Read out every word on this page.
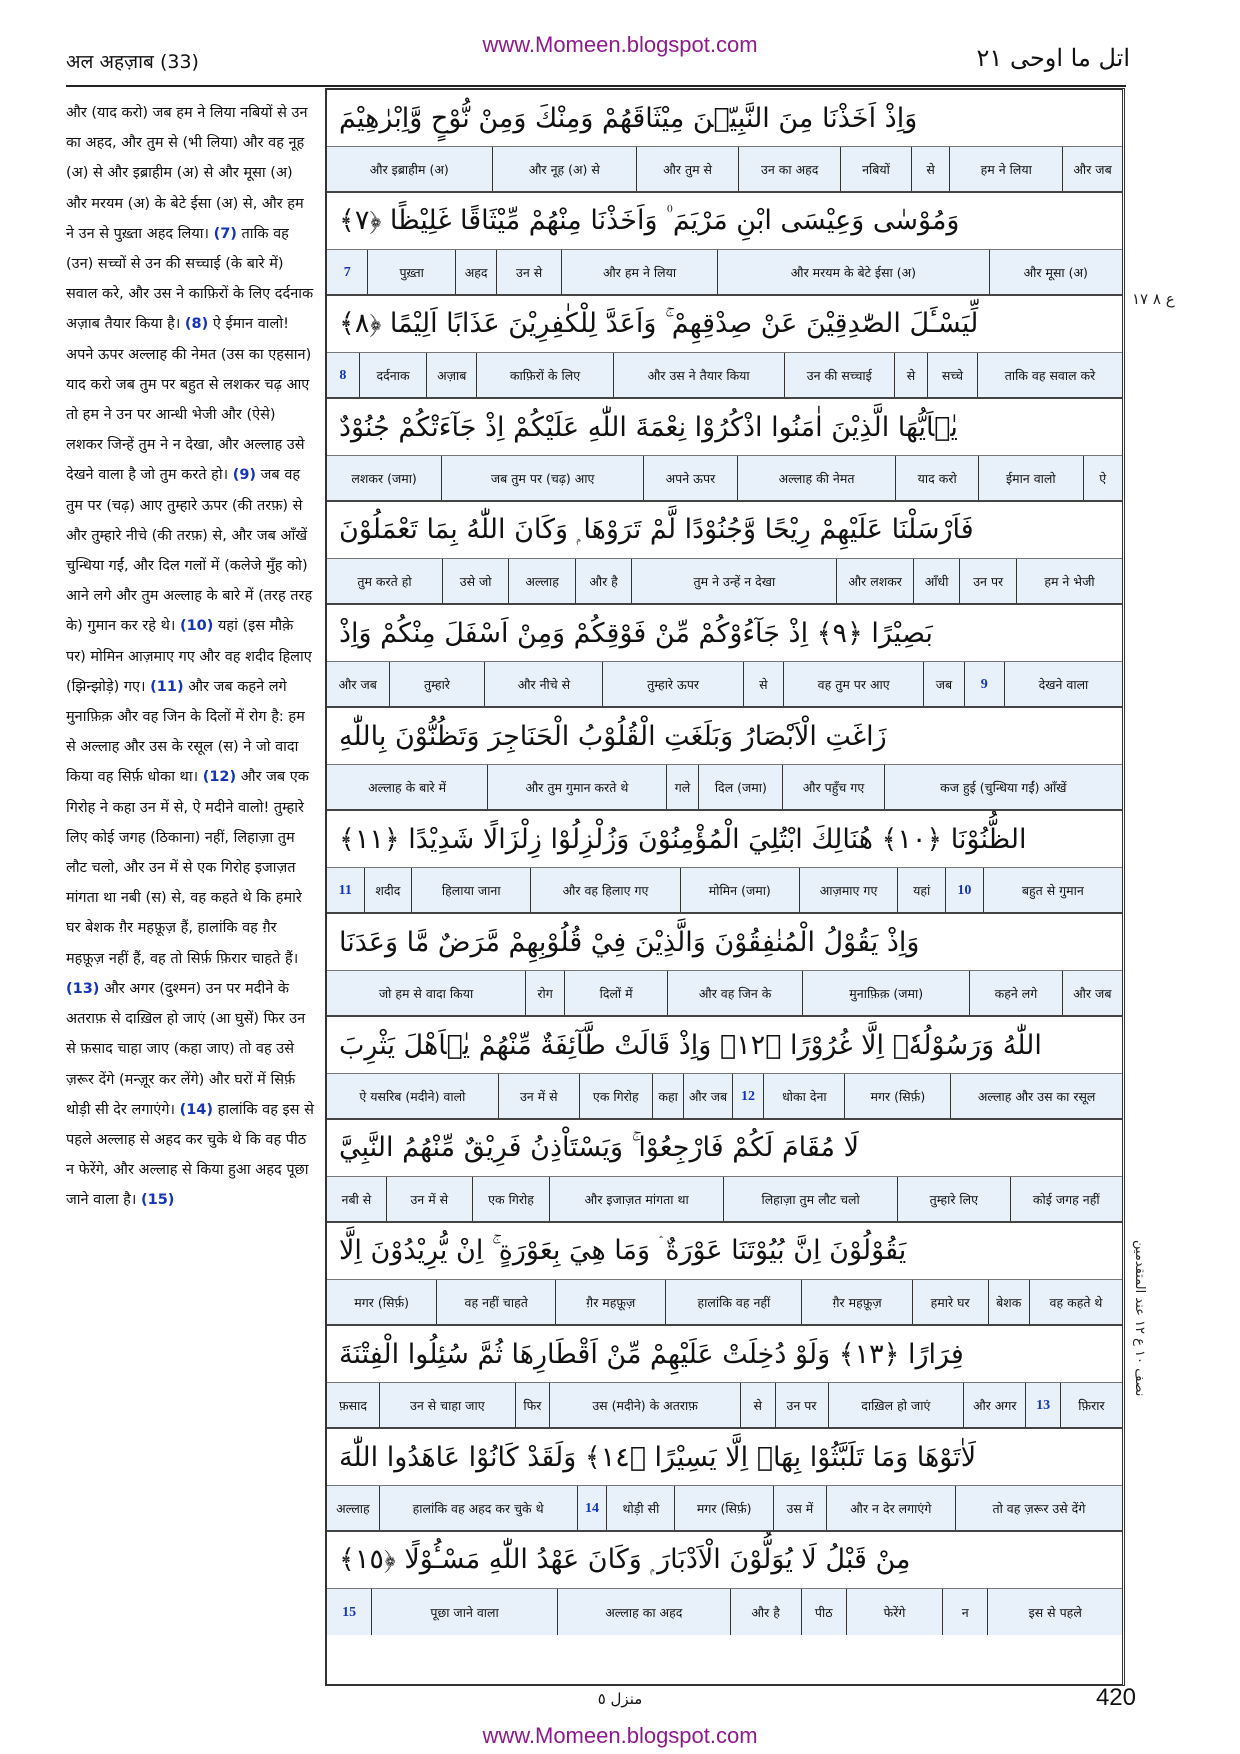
www.Momeen.blogspot.com
अल अहज़ाब (33)	اتل ما اوحی ٢١

और (याद करो) जब हम ने लिया नबियों से उन का अहद, और तुम से (भी लिया) और वह नूह (अ) से और इब्राहीम (अ) से और मूसा (अ) और मरयम (अ) के बेटे ईसा (अ) से, और हम ने उन से पुख़्ता अहद लिया। (7)

ताकि वह (उन) सच्चों से उन की सच्चाई (के बारे में) सवाल करे, और उस ने काफ़िरों के लिए दर्दनाक अज़ाब तैयार किया है। (8)

ऐ ईमान वालो! अपने ऊपर अल्लाह की नेमत (उस का एहसान) याद करो जब तुम पर बहुत से लशकर चढ़ आए तो हम ने उन पर आन्धी भेजी और (ऐसे) लशकर जिन्हें तुम ने न देखा, और अल्लाह उसे देखने वाला है जो तुम करते हो। (9)

जब वह तुम पर (चढ़) आए तुम्हारे ऊपर (की तरफ़) से और तुम्हारे नीचे (की तरफ़) से, और जब आँखें चुन्धिया गईं, और दिल गलों में (कलेजे मुँह को) आने लगे और तुम अल्लाह के बारे में (तरह तरह के) गुमान कर रहे थे। (10)

यहां (इस मौक़े पर) मोमिन आज़माए गए और वह शदीद हिलाए (झिन्झोड़े) गए। (11)

और जब कहने लगे मुनाफ़िक़ और वह जिन के दिलों में रोग है: हम से अल्लाह और उस के रसूल (स) ने जो वादा किया वह सिर्फ़ धोका था। (12)

और जब एक गिरोह ने कहा उन में से, ऐ मदीने वालो! तुम्हारे लिए कोई जगह (ठिकाना) नहीं, लिहाज़ा तुम लौट चलो, और उन में से एक गिरोह इजाज़त मांगता था नबी (स) से, वह कहते थे कि हमारे घर बेशक ग़ैर महफ़ूज़ हैं, हालांकि वह ग़ैर महफ़ूज़ नहीं हैं, वह तो सिर्फ़ फ़िरार चाहते हैं। (13)

और अगर (दुश्मन) उन पर मदीने के अतराफ़ से दाख़िल हो जाएं (आ घुसें) फिर उन से फ़साद चाहा जाए (कहा जाए) तो वह उसे ज़रूर देंगे (मन्ज़ूर कर लेंगे) और घरों में सिर्फ़ थोड़ी सी देर लगाएंगे। (14)

हालांकि वह इस से पहले अल्लाह से अहद कर चुके थे कि वह पीठ न फेरेंगे, और अल्लाह से किया हुआ अहद पूछा जाने वाला है। (15)

وَاِذْ اَخَذْنَا مِنَ النَّبِيّٖنَ مِيْثَاقَهُمْ وَمِنْكَ وَمِنْ نُّوْحٍ وَّاِبْرٰهِيْمَ
और जब
हम ने लिया
से
नबियों
उन का अहद
और तुम से
और नूह (अ) से
और इब्राहीम (अ)
وَمُوْسٰى وَعِيْسَى ابْنِ مَرْيَمَ ۠ وَاَخَذْنَا مِنْهُمْ مِّيْثَاقًا غَلِيْظًا ﴿٧﴾
और मूसा (अ)
और मरयम के बेटे ईसा (अ)
और हम ने लिया
उन से
अहद
पुख़्ता
7
لِّيَسْـَٔلَ الصّٰدِقِيْنَ عَنْ صِدْقِهِمْ ۚ وَاَعَدَّ لِلْكٰفِرِيْنَ عَذَابًا اَلِيْمًا ﴿٨﴾
ताकि वह सवाल करे
सच्चे
से
उन की सच्चाई
और उस ने तैयार किया
काफ़िरों के लिए
अज़ाब
दर्दनाक
8
يٰۤاَيُّهَا الَّذِيْنَ اٰمَنُوا اذْكُرُوْا نِعْمَةَ اللّٰهِ عَلَيْكُمْ اِذْ جَآءَتْكُمْ جُنُوْدٌ
ऐ
ईमान वालो
याद करो
अल्लाह की नेमत
अपने ऊपर
जब तुम पर (चढ़) आए
लशकर (जमा)
فَاَرْسَلْنَا عَلَيْهِمْ رِيْحًا وَّجُنُوْدًا لَّمْ تَرَوْهَا ۭ وَكَانَ اللّٰهُ بِمَا تَعْمَلُوْنَ
हम ने भेजी
उन पर
आँधी
और लशकर
तुम ने उन्हें न देखा
और है
अल्लाह
उसे जो
तुम करते हो
بَصِيْرًا ﴿٩﴾ اِذْ جَآءُوْكُمْ مِّنْ فَوْقِكُمْ وَمِنْ اَسْفَلَ مِنْكُمْ وَاِذْ
देखने वाला
9
जब
वह तुम पर आए
से
तुम्हारे ऊपर
और नीचे से
तुम्हारे
और जब
زَاغَتِ الْاَبْصَارُ وَبَلَغَتِ الْقُلُوْبُ الْحَنَاجِرَ وَتَظُنُّوْنَ بِاللّٰهِ
कज हुई (चुन्धिया गईं) आँखें
और पहुँच गए
दिल (जमा)
गले
और तुम गुमान करते थे
अल्लाह के बारे में
الظُّنُوْنَا ﴿١٠﴾ هُنَالِكَ ابْتُلِيَ الْمُؤْمِنُوْنَ وَزُلْزِلُوْا زِلْزَالًا شَدِيْدًا ﴿١١﴾
बहुत से गुमान
10
यहां
आज़माए गए
मोमिन (जमा)
और वह हिलाए गए
हिलाया जाना
शदीद
11
وَاِذْ يَقُوْلُ الْمُنٰفِقُوْنَ وَالَّذِيْنَ فِيْ قُلُوْبِهِمْ مَّرَضٌ مَّا وَعَدَنَا
और जब
कहने लगे
मुनाफ़िक़ (जमा)
और वह जिन के
दिलों में
रोग
जो हम से वादा किया
اللّٰهُ وَرَسُوْلُهٗۤ اِلَّا غُرُوْرًا ﴿١٢﴾ وَاِذْ قَالَتْ طَّآئِفَةٌ مِّنْهُمْ يٰۤاَهْلَ يَثْرِبَ
अल्लाह और उस का रसूल
मगर (सिर्फ़)
धोका देना
12
और जब
कहा
एक गिरोह
उन में से
ऐ यसरिब (मदीने) वालो
لَا مُقَامَ لَكُمْ فَارْجِعُوْا ۚ وَيَسْتَاْذِنُ فَرِيْقٌ مِّنْهُمُ النَّبِيَّ
कोई जगह नहीं
तुम्हारे लिए
लिहाज़ा तुम लौट चलो
और इजाज़त मांगता था
एक गिरोह
उन में से
नबी से
يَقُوْلُوْنَ اِنَّ بُيُوْتَنَا عَوْرَةٌ ۛ وَمَا هِيَ بِعَوْرَةٍ ۚ اِنْ يُّرِيْدُوْنَ اِلَّا
वह कहते थे
बेशक
हमारे घर
ग़ैर महफ़ूज़
हालांकि वह नहीं
ग़ैर महफ़ूज़
वह नहीं चाहते
मगर (सिर्फ़)
فِرَارًا ﴿١٣﴾ وَلَوْ دُخِلَتْ عَلَيْهِمْ مِّنْ اَقْطَارِهَا ثُمَّ سُئِلُوا الْفِتْنَةَ
फ़िरार
13
और अगर
दाख़िल हो जाएं
उन पर
से
उस (मदीने) के अतराफ़
फिर
उन से चाहा जाए
फ़साद
لَاٰتَوْهَا وَمَا تَلَبَّثُوْا بِهَاۤ اِلَّا يَسِيْرًا ﴿١٤﴾ وَلَقَدْ كَانُوْا عَاهَدُوا اللّٰهَ
तो वह ज़रूर उसे देंगे
और न देर लगाएंगे
उस में
मगर (सिर्फ़)
थोड़ी सी
14
हालांकि वह अहद कर चुके थे
अल्लाह
مِنْ قَبْلُ لَا يُوَلُّوْنَ الْاَدْبَارَ ۭ وَكَانَ عَهْدُ اللّٰهِ مَسْـُٔوْلًا ﴿١٥﴾
इस से पहले
न
फेरेंगे
पीठ
और है
अल्लाह का अहद
पूछा जाने वाला
15
ع ٨ ١٧
نصف ١٠ ع ١٢ عند المتقدمين
منزل ٥	420
www.Momeen.blogspot.com
